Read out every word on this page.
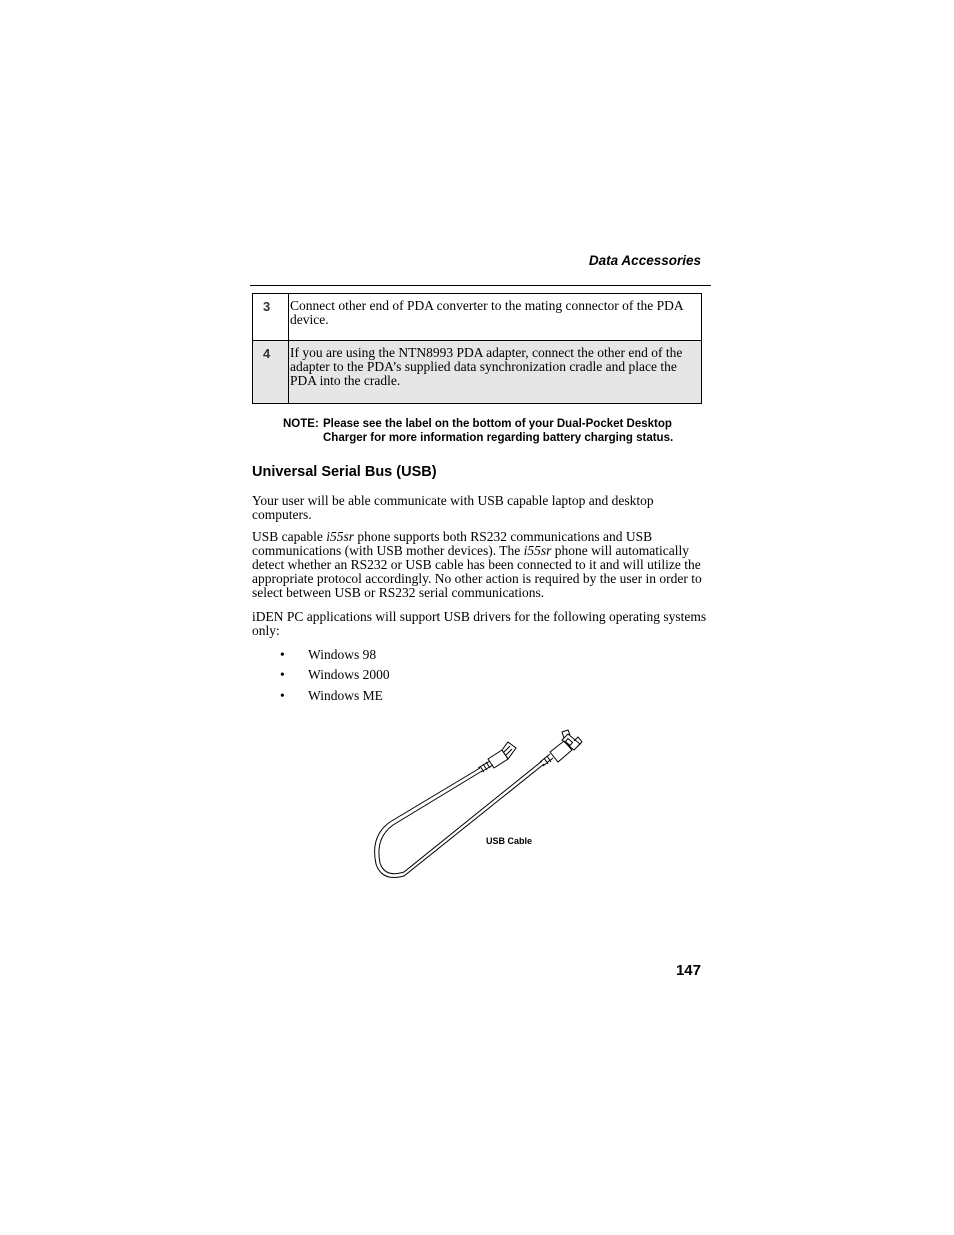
Data Accessories
3	Connect other end of PDA converter to the mating connector of the PDA device.
4	If you are using the NTN8993 PDA adapter, connect the other end of the adapter to the PDA’s supplied data synchronization cradle and place the PDA into the cradle.
NOTE: Please see the label on the bottom of your Dual-Pocket Desktop
Charger for more information regarding battery charging status.
Universal Serial Bus (USB)
Your user will be able communicate with USB capable laptop and desktop computers.
USB capable i55sr phone supports both RS232 communications and USB communications (with USB mother devices). The i55sr phone will automatically detect whether an RS232 or USB cable has been connected to it and will utilize the appropriate protocol accordingly. No other action is required by the user in order to select between USB or RS232 serial communications.
iDEN PC applications will support USB drivers for the following operating systems only:
• Windows 98
• Windows 2000
• Windows ME
USB Cable
147
